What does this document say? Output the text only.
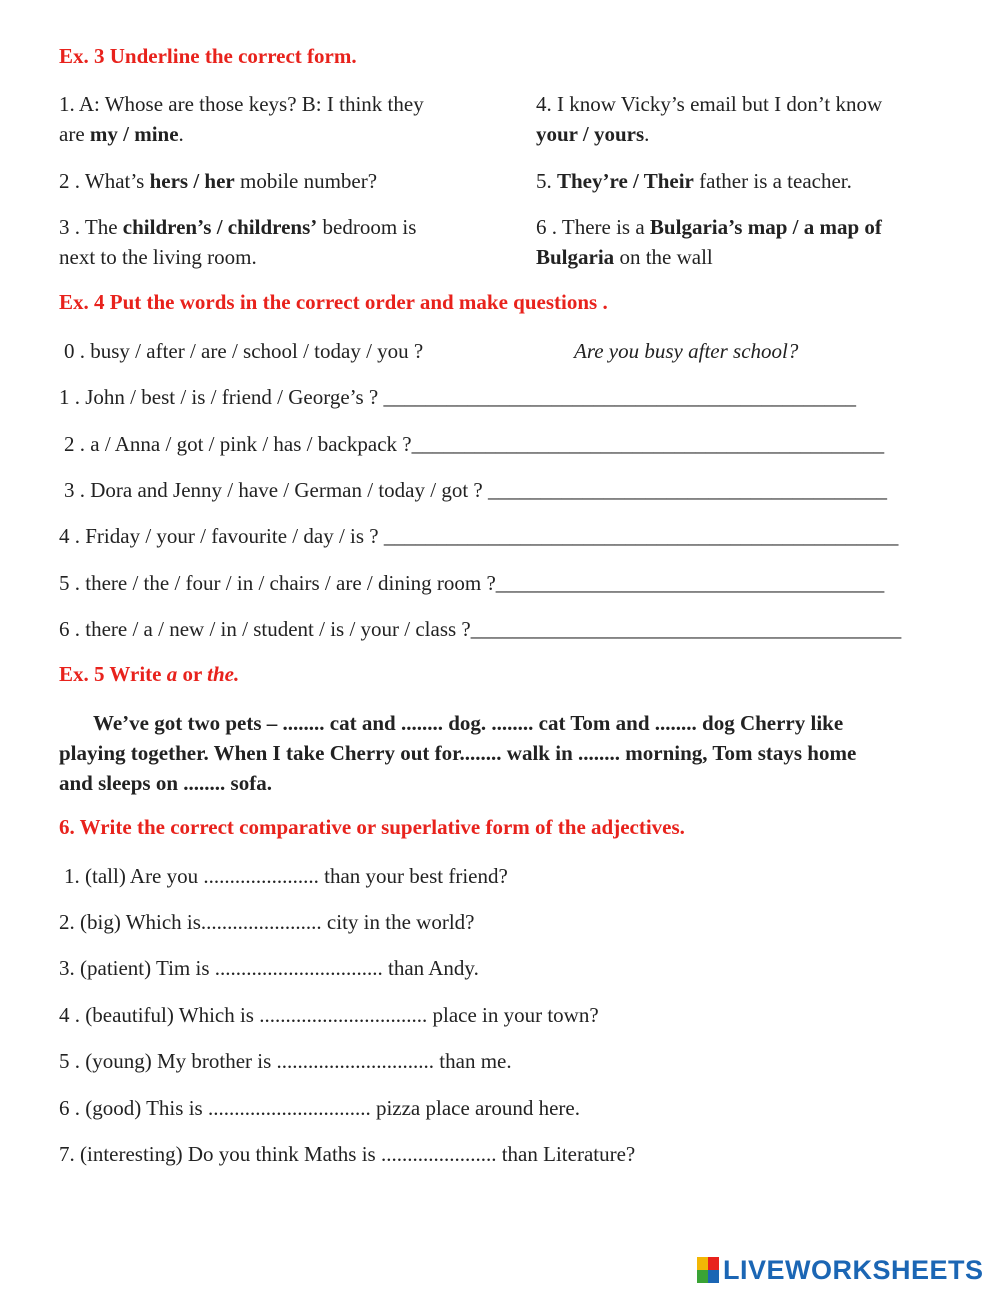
Ex. 3 Underline the correct form.
1. A: Whose are those keys? B: I think they
are my / mine.
4. I know Vicky’s email but I don’t know
your / yours.
2 . What’s hers / her mobile number?	5. They’re / Their father is a teacher.
3 . The children’s / childrens’ bedroom is
next to the living room.
6 . There is a Bulgaria’s map / a map of
Bulgaria on the wall
Ex. 4 Put the words in the correct order and make questions .
0 . busy / after / are / school / today / you ?	Are you busy after school?
1 . John / best / is / friend / George’s ? _____________________________________________
2 . a / Anna / got / pink / has / backpack ?_____________________________________________
3 . Dora and Jenny / have / German / today / got ? ______________________________________
4 . Friday / your / favourite / day / is ? _________________________________________________
5 . there / the / four / in / chairs / are / dining room ?_____________________________________
6 . there / a / new / in / student / is / your / class ?_________________________________________
Ex. 5 Write a or the.
We’ve got two pets – ........ cat and ........ dog. ........ cat Tom and ........ dog Cherry like
playing together. When I take Cherry out for........ walk in ........ morning, Tom stays home
and sleeps on ........ sofa.
6. Write the correct comparative or superlative form of the adjectives.
1. (tall) Are you ...................... than your best friend?
2. (big) Which is....................... city in the world?
3. (patient) Tim is ................................ than Andy.
4 . (beautiful) Which is ................................ place in your town?
5 . (young) My brother is .............................. than me.
6 . (good) This is ............................... pizza place around here.
7. (interesting) Do you think Maths is ...................... than Literature?
LIVEWORKSHEETS
